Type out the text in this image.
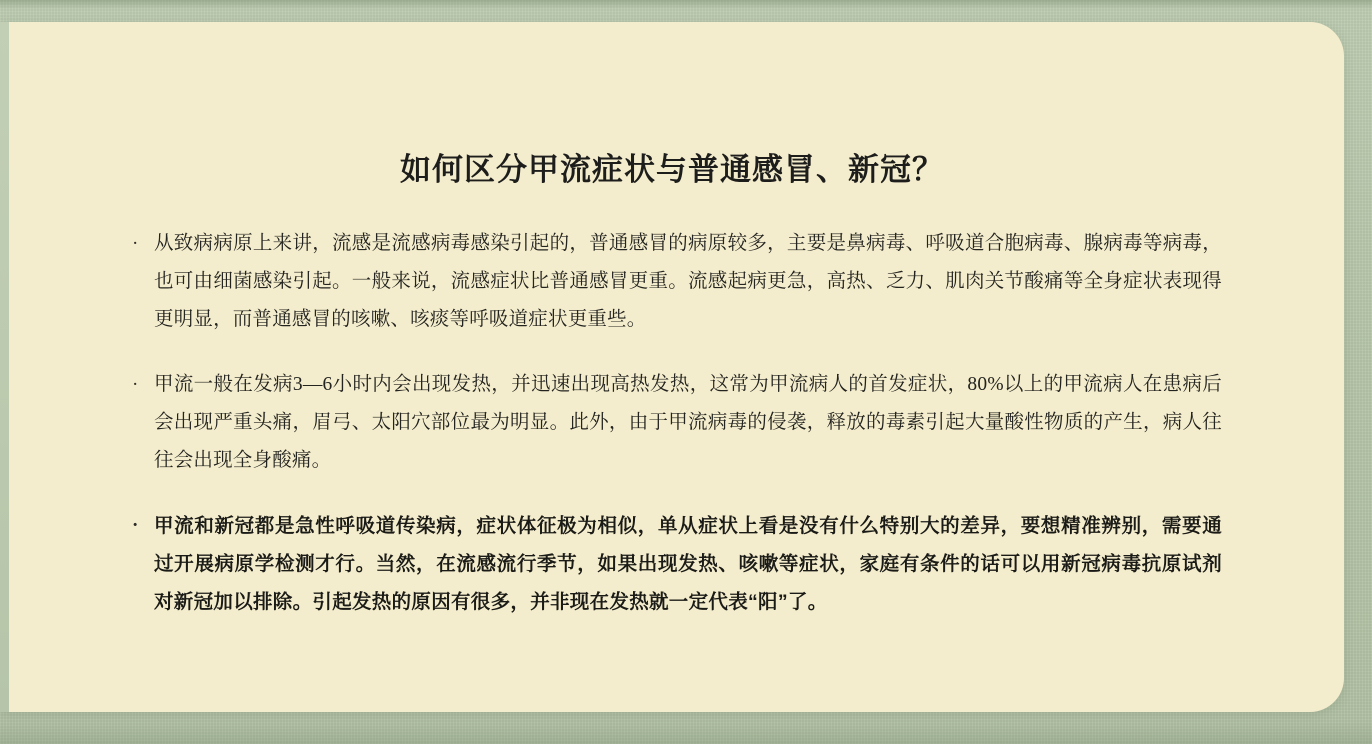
如何区分甲流症状与普通感冒、新冠？
· 从致病病原上来讲，流感是流感病毒感染引起的，普通感冒的病原较多，主要是鼻病毒、呼吸道合胞病毒、腺病毒等病毒，也可由细菌感染引起。一般来说，流感症状比普通感冒更重。流感起病更急，高热、乏力、肌肉关节酸痛等全身症状表现得更明显，而普通感冒的咳嗽、咳痰等呼吸道症状更重些。
· 甲流一般在发病3—6小时内会出现发热，并迅速出现高热发热，这常为甲流病人的首发症状，80%以上的甲流病人在患病后会出现严重头痛，眉弓、太阳穴部位最为明显。此外，由于甲流病毒的侵袭，释放的毒素引起大量酸性物质的产生，病人往往会出现全身酸痛。
· 甲流和新冠都是急性呼吸道传染病，症状体征极为相似，单从症状上看是没有什么特别大的差异，要想精准辨别，需要通过开展病原学检测才行。当然，在流感流行季节，如果出现发热、咳嗽等症状，家庭有条件的话可以用新冠病毒抗原试剂对新冠加以排除。引起发热的原因有很多，并非现在发热就一定代表“阳”了。
